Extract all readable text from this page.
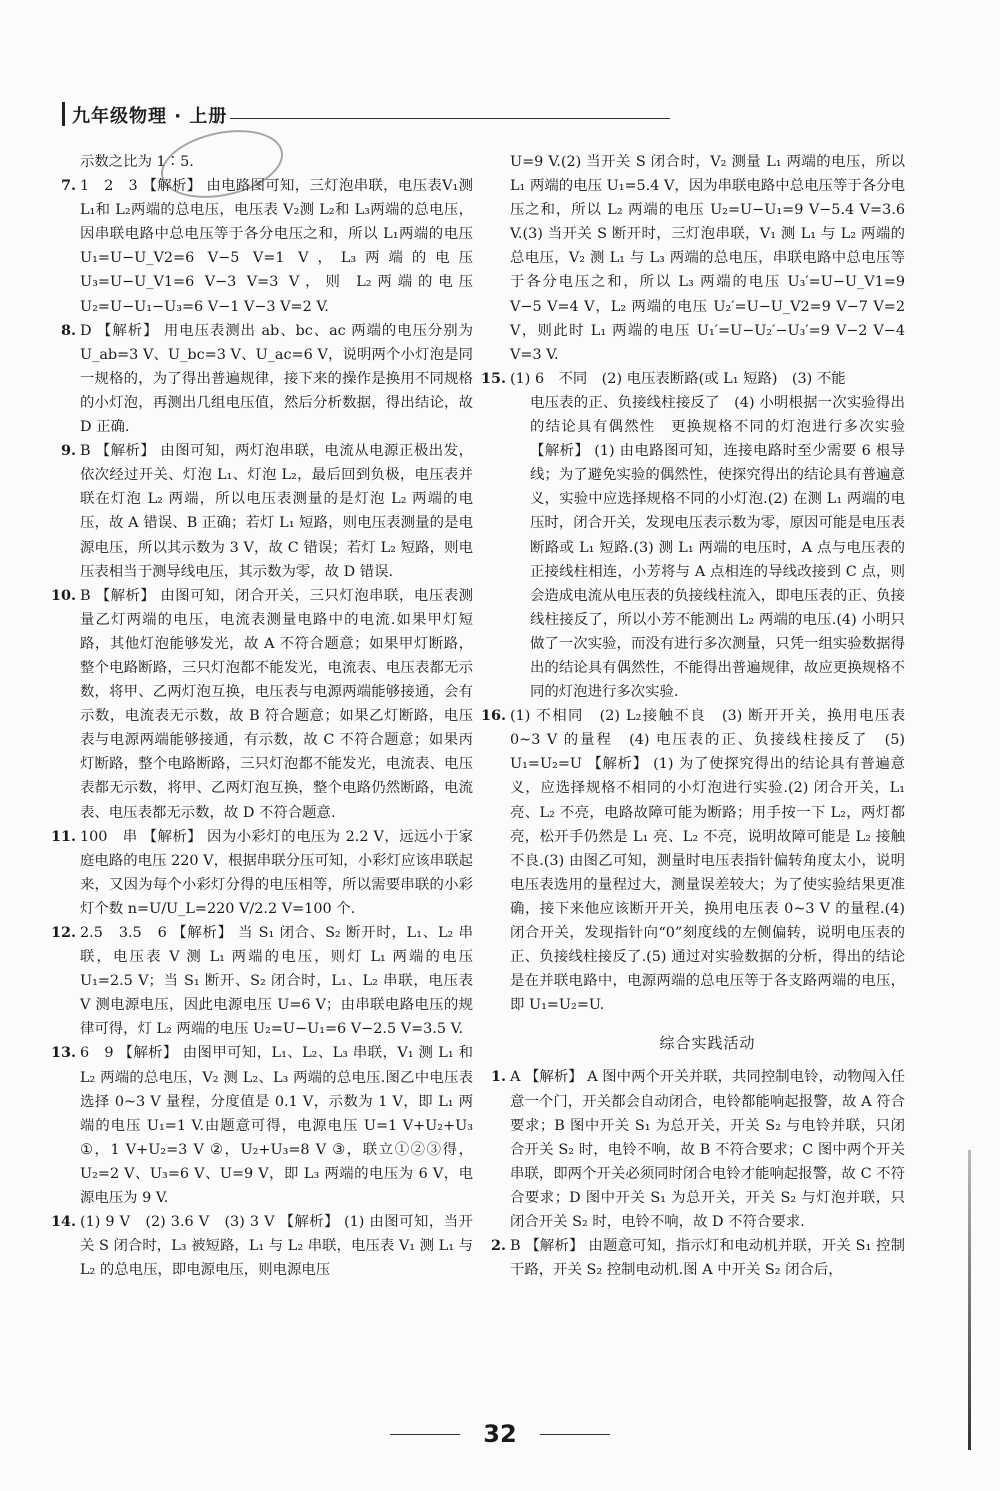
九年级物理 · 上册

示数之比为 1∶5.

7. 1　2　3 【解析】 由电路图可知，三灯泡串联，电压表V₁测 L₁和 L₂两端的总电压，电压表 V₂测 L₂和 L₃两端的总电压，因串联电路中总电压等于各分电压之和，所以 L₁两端的电压 U₁=U−U_V2=6 V−5 V=1 V，L₃两端的电压 U₃=U−U_V1=6 V−3 V=3 V，则 L₂两端的电压 U₂=U−U₁−U₃=6 V−1 V−3 V=2 V.

8. D 【解析】 用电压表测出 ab、bc、ac 两端的电压分别为 U_ab=3 V、U_bc=3 V、U_ac=6 V，说明两个小灯泡是同一规格的，为了得出普遍规律，接下来的操作是换用不同规格的小灯泡，再测出几组电压值，然后分析数据，得出结论，故 D 正确.

9. B 【解析】 由图可知，两灯泡串联，电流从电源正极出发，依次经过开关、灯泡 L₁、灯泡 L₂，最后回到负极，电压表并联在灯泡 L₂ 两端，所以电压表测量的是灯泡 L₂ 两端的电压，故 A 错误、B 正确；若灯 L₁ 短路，则电压表测量的是电源电压，所以其示数为 3 V，故 C 错误；若灯 L₂ 短路，则电压表相当于测导线电压，其示数为零，故 D 错误.

10. B 【解析】 由图可知，闭合开关，三只灯泡串联，电压表测量乙灯两端的电压，电流表测量电路中的电流.如果甲灯短路，其他灯泡能够发光，故 A 不符合题意；如果甲灯断路，整个电路断路，三只灯泡都不能发光，电流表、电压表都无示数，将甲、乙两灯泡互换，电压表与电源两端能够接通，会有示数，电流表无示数，故 B 符合题意；如果乙灯断路，电压表与电源两端能够接通，有示数，故 C 不符合题意；如果丙灯断路，整个电路断路，三只灯泡都不能发光，电流表、电压表都无示数，将甲、乙两灯泡互换，整个电路仍然断路，电流表、电压表都无示数，故 D 不符合题意.

11. 100　串 【解析】 因为小彩灯的电压为 2.2 V，远远小于家庭电路的电压 220 V，根据串联分压可知，小彩灯应该串联起来，又因为每个小彩灯分得的电压相等，所以需要串联的小彩灯个数 n=U/U_L=220 V/2.2 V=100 个.

12. 2.5　3.5　6 【解析】 当 S₁ 闭合、S₂ 断开时，L₁、L₂ 串联，电压表 V 测 L₁ 两端的电压，则灯 L₁ 两端的电压 U₁=2.5 V；当 S₁ 断开、S₂ 闭合时，L₁、L₂ 串联，电压表 V 测电源电压，因此电源电压 U=6 V；由串联电路电压的规律可得，灯 L₂ 两端的电压 U₂=U−U₁=6 V−2.5 V=3.5 V.

13. 6　9 【解析】 由图甲可知，L₁、L₂、L₃ 串联，V₁ 测 L₁ 和 L₂ 两端的总电压，V₂ 测 L₂、L₃ 两端的总电压.图乙中电压表选择 0~3 V 量程，分度值是 0.1 V，示数为 1 V，即 L₁ 两端的电压 U₁=1 V.由题意可得，电源电压 U=1 V+U₂+U₃ ①，1 V+U₂=3 V ②，U₂+U₃=8 V ③，联立①②③得，U₂=2 V、U₃=6 V、U=9 V，即 L₃ 两端的电压为 6 V，电源电压为 9 V.

14. (1) 9 V　(2) 3.6 V　(3) 3 V 【解析】 (1) 由图可知，当开关 S 闭合时，L₃ 被短路，L₁ 与 L₂ 串联，电压表 V₁ 测 L₁ 与 L₂ 的总电压，即电源电压，则电源电压

U=9 V.(2) 当开关 S 闭合时，V₂ 测量 L₁ 两端的电压，所以 L₁ 两端的电压 U₁=5.4 V，因为串联电路中总电压等于各分电压之和，所以 L₂ 两端的电压 U₂=U−U₁=9 V−5.4 V=3.6 V.(3) 当开关 S 断开时，三灯泡串联，V₁ 测 L₁ 与 L₂ 两端的总电压，V₂ 测 L₁ 与 L₃ 两端的总电压，串联电路中总电压等于各分电压之和，所以 L₃ 两端的电压 U₃′=U−U_V1=9 V−5 V=4 V，L₂ 两端的电压 U₂′=U−U_V2=9 V−7 V=2 V，则此时 L₁ 两端的电压 U₁′=U−U₂′−U₃′=9 V−2 V−4 V=3 V.

15. (1) 6　不同　(2) 电压表断路(或 L₁ 短路)　(3) 不能

电压表的正、负接线柱接反了　(4) 小明根据一次实验得出的结论具有偶然性　更换规格不同的灯泡进行多次实验 【解析】 (1) 由电路图可知，连接电路时至少需要 6 根导线；为了避免实验的偶然性，使探究得出的结论具有普遍意义，实验中应选择规格不同的小灯泡.(2) 在测 L₁ 两端的电压时，闭合开关，发现电压表示数为零，原因可能是电压表断路或 L₁ 短路.(3) 测 L₁ 两端的电压时，A 点与电压表的正接线柱相连，小芳将与 A 点相连的导线改接到 C 点，则会造成电流从电压表的负接线柱流入，即电压表的正、负接线柱接反了，所以小芳不能测出 L₂ 两端的电压.(4) 小明只做了一次实验，而没有进行多次测量，只凭一组实验数据得出的结论具有偶然性，不能得出普遍规律，故应更换规格不同的灯泡进行多次实验.

16. (1) 不相同　(2) L₂接触不良　(3) 断开开关，换用电压表 0~3 V 的量程　(4) 电压表的正、负接线柱接反了　(5) U₁=U₂=U 【解析】 (1) 为了使探究得出的结论具有普遍意义，应选择规格不相同的小灯泡进行实验.(2) 闭合开关，L₁ 亮、L₂ 不亮，电路故障可能为断路；用手按一下 L₂，两灯都亮，松开手仍然是 L₁ 亮、L₂ 不亮，说明故障可能是 L₂ 接触不良.(3) 由图乙可知，测量时电压表指针偏转角度太小，说明电压表选用的量程过大，测量误差较大；为了使实验结果更准确，接下来他应该断开开关，换用电压表 0~3 V 的量程.(4) 闭合开关，发现指针向“0”刻度线的左侧偏转，说明电压表的正、负接线柱接反了.(5) 通过对实验数据的分析，得出的结论是在并联电路中，电源两端的总电压等于各支路两端的电压，即 U₁=U₂=U.

综合实践活动
1. A 【解析】 A 图中两个开关并联，共同控制电铃，动物闯入任意一个门，开关都会自动闭合，电铃都能响起报警，故 A 符合要求；B 图中开关 S₁ 为总开关，开关 S₂ 与电铃并联，只闭合开关 S₂ 时，电铃不响，故 B 不符合要求；C 图中两个开关串联，即两个开关必须同时闭合电铃才能响起报警，故 C 不符合要求；D 图中开关 S₁ 为总开关，开关 S₂ 与灯泡并联，只闭合开关 S₂ 时，电铃不响，故 D 不符合要求.

2. B 【解析】 由题意可知，指示灯和电动机并联，开关 S₁ 控制干路，开关 S₂ 控制电动机.图 A 中开关 S₂ 闭合后，

32
